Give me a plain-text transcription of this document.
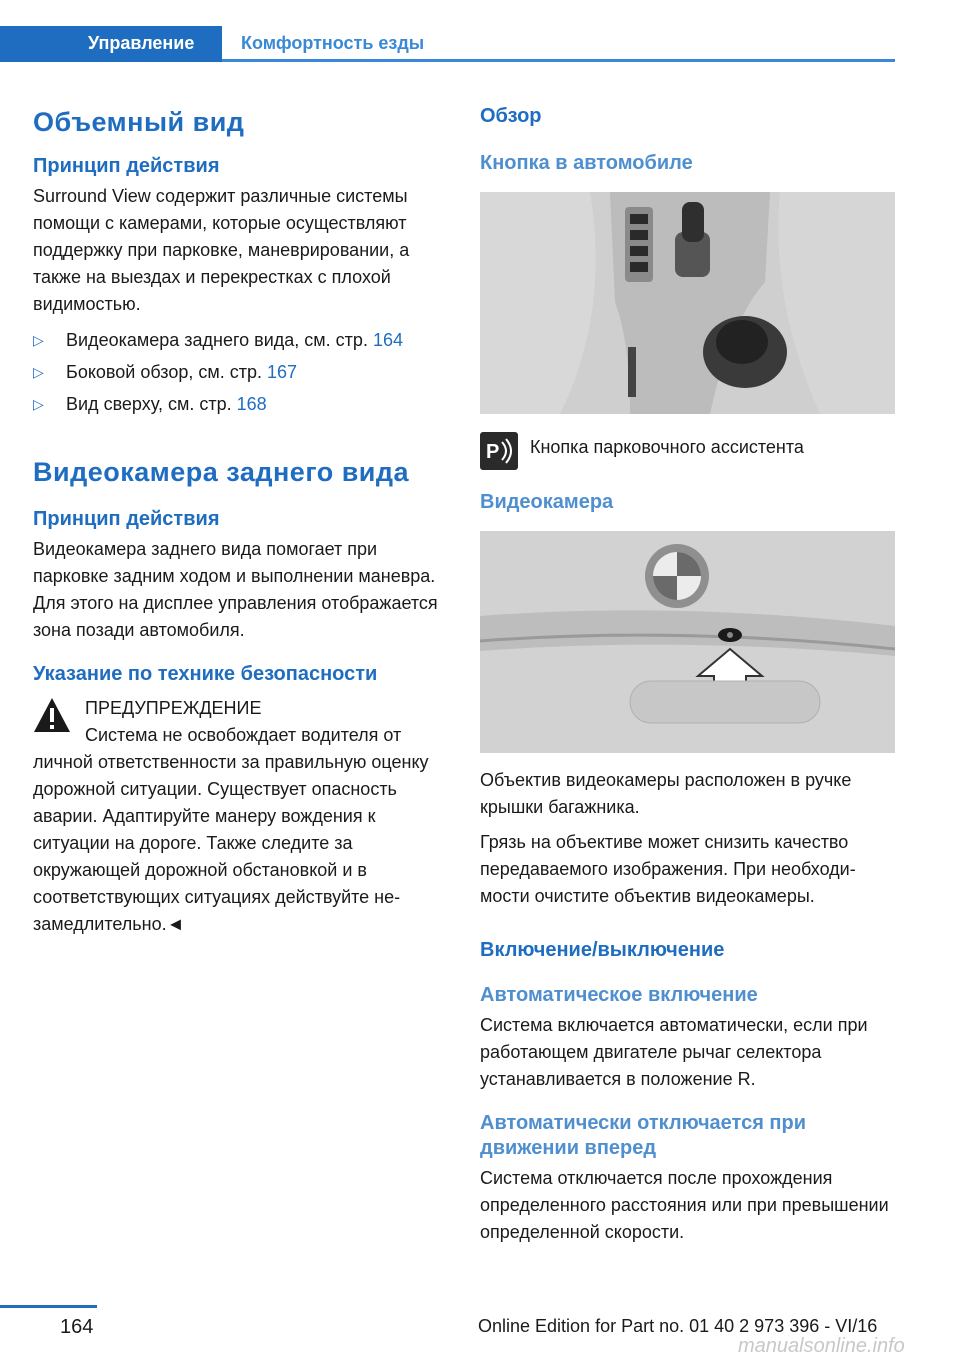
Управление	Комфортность езды
Объемный вид
Принцип действия

Surround View содержит различные системы помощи с камерами, которые осуществляют поддержку при парковке, маневрировании, а также на выездах и перекрестках с плохой видимостью.

▷ Видеокамера заднего вида, см. стр. 164
▷ Боковой обзор, см. стр. 167
▷ Вид сверху, см. стр. 168
Видеокамера заднего вида
Принцип действия

Видеокамера заднего вида помогает при парковке задним ходом и выполнении маневра. Для этого на дисплее управления отображается зона позади автомобиля.

Указание по технике безопасности
ПРЕДУПРЕЖДЕНИЕ

Система не освобождает водителя от личной ответственности за правильную оценку дорожной ситуации. Существует опасность аварии. Адаптируйте манеру вождения к ситуации на дороге. Также следите за окружающей дорожной обстановкой и в соответствующих ситуациях действуйте незамедлительно.◄

Обзор
Кнопка в автомобиле
P Кнопка парковочного ассистента
Видеокамера

Объектив видеокамеры расположен в ручке крышки багажника.

Грязь на объективе может снизить качество передаваемого изображения. При необходимости очистите объектив видеокамеры.

Включение/выключение
Автоматическое включение

Система включается автоматически, если при работающем двигателе рычаг селектора устанавливается в положение R.

Автоматически отключается при движении вперед

Система отключается после прохождения определенного расстояния или при превышении определенной скорости.

164	Online Edition for Part no. 01 40 2 973 396 - VI/16
manualsonline.info
